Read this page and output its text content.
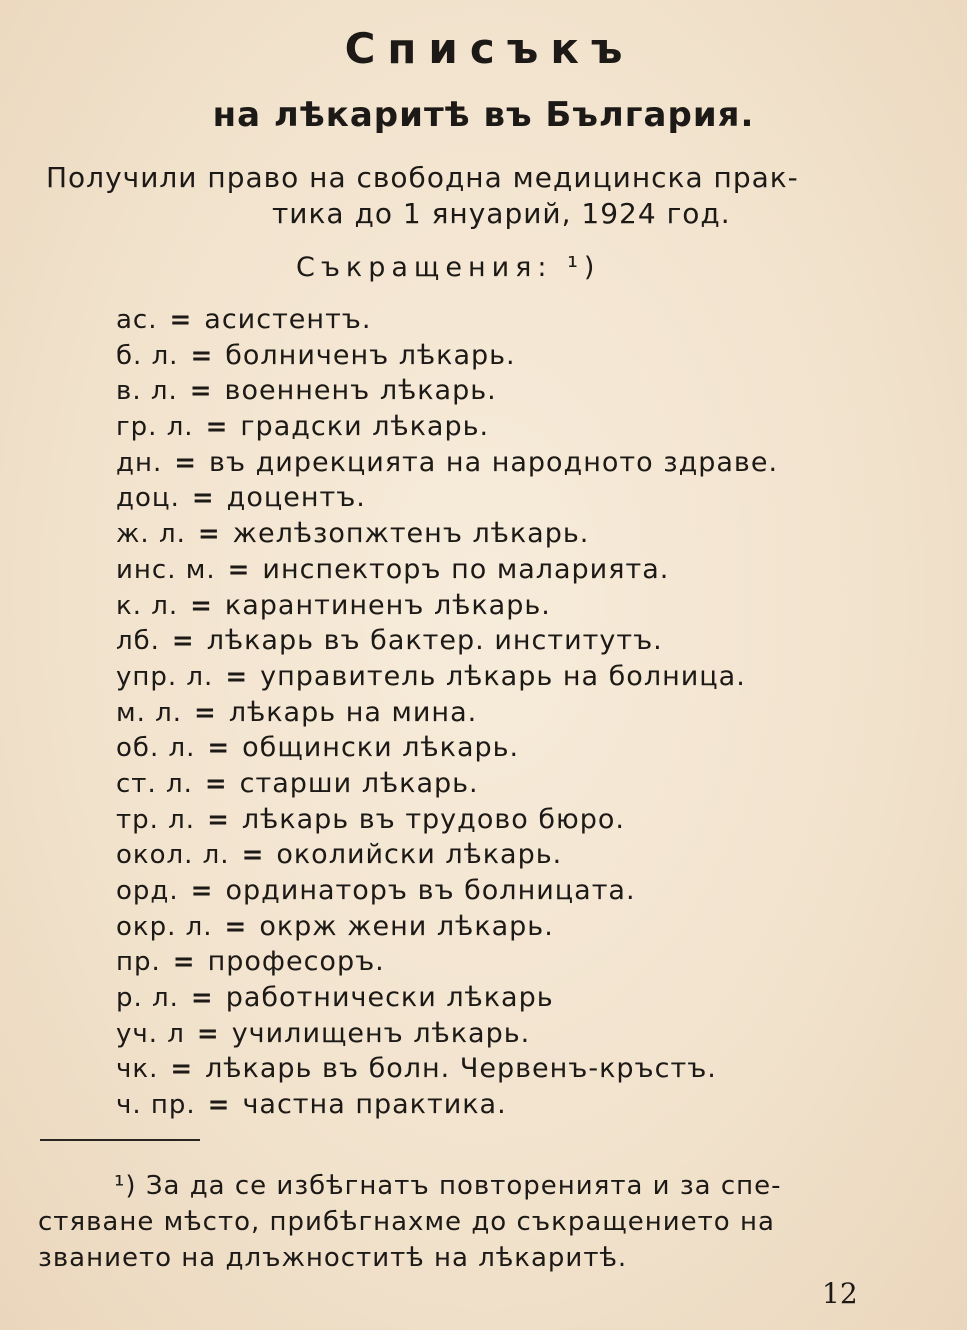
Списъкъ
на лѣкаритѣ въ България.
Получили право на свободна медицинска прак-
тика до 1 януарий, 1924 год.
Съкращения: ¹)
ас. = асистентъ.
б. л. = болниченъ лѣкарь.
в. л. = военненъ лѣкарь.
гр. л. = градски лѣкарь.
дн. = въ дирекцията на народното здраве.
доц. = доцентъ.
ж. л. = желѣзопжтенъ лѣкарь.
инс. м. = инспекторъ по маларията.
к. л. = карантиненъ лѣкарь.
лб. = лѣкарь въ бактер. институтъ.
упр. л. = управитель лѣкарь на болница.
м. л. = лѣкарь на мина.
об. л. = общински лѣкарь.
ст. л. = старши лѣкарь.
тр. л. = лѣкарь въ трудово бюро.
окол. л. = околийски лѣкарь.
орд. = ординаторъ въ болницата.
окр. л. = окрж жени лѣкарь.
пр. = професоръ.
р. л. = работнически лѣкарь
уч. л = училищенъ лѣкарь.
чк. = лѣкарь въ болн. Червенъ-кръстъ.
ч. пр. = частна практика.
¹) За да се избѣгнатъ повторенията и за спе-
стяване мѣсто, прибѣгнахме до съкращението на
званието на длъжноститѣ на лѣкаритѣ.
12
